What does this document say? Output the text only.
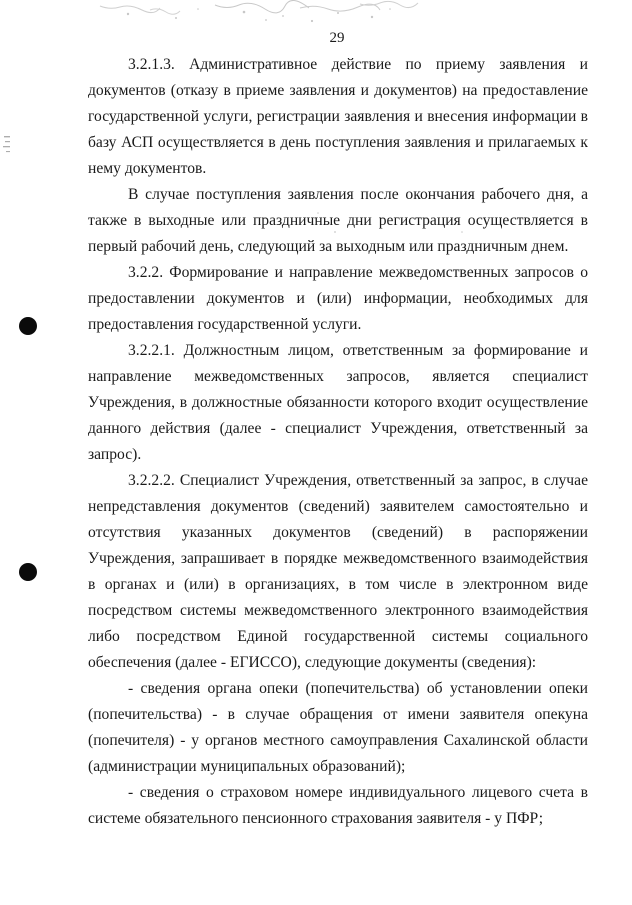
29

3.2.1.3. Административное действие по приему заявления и документов (отказу в приеме заявления и документов) на предоставление государственной услуги, регистрации заявления и внесения информации в базу АСП осуществляется в день поступления заявления и прилагаемых к нему документов.

В случае поступления заявления после окончания рабочего дня, а также в выходные или праздничные дни регистрация осуществляется в первый рабочий день, следующий за выходным или праздничным днем.

3.2.2. Формирование и направление межведомственных запросов о предоставлении документов и (или) информации, необходимых для предоставления государственной услуги.

3.2.2.1. Должностным лицом, ответственным за формирование и направление межведомственных запросов, является специалист Учреждения, в должностные обязанности которого входит осуществление данного действия (далее - специалист Учреждения, ответственный за запрос).

3.2.2.2. Специалист Учреждения, ответственный за запрос, в случае непредставления документов (сведений) заявителем самостоятельно и отсутствия указанных документов (сведений) в распоряжении Учреждения, запрашивает в порядке межведомственного взаимодействия в органах и (или) в организациях, в том числе в электронном виде посредством системы межведомственного электронного взаимодействия либо посредством Единой государственной системы социального обеспечения (далее - ЕГИССО), следующие документы (сведения):

- сведения органа опеки (попечительства) об установлении опеки (попечительства) - в случае обращения от имени заявителя опекуна (попечителя) - у органов местного самоуправления Сахалинской области (администрации муниципальных образований);

- сведения о страховом номере индивидуального лицевого счета в системе обязательного пенсионного страхования заявителя - у ПФР;
